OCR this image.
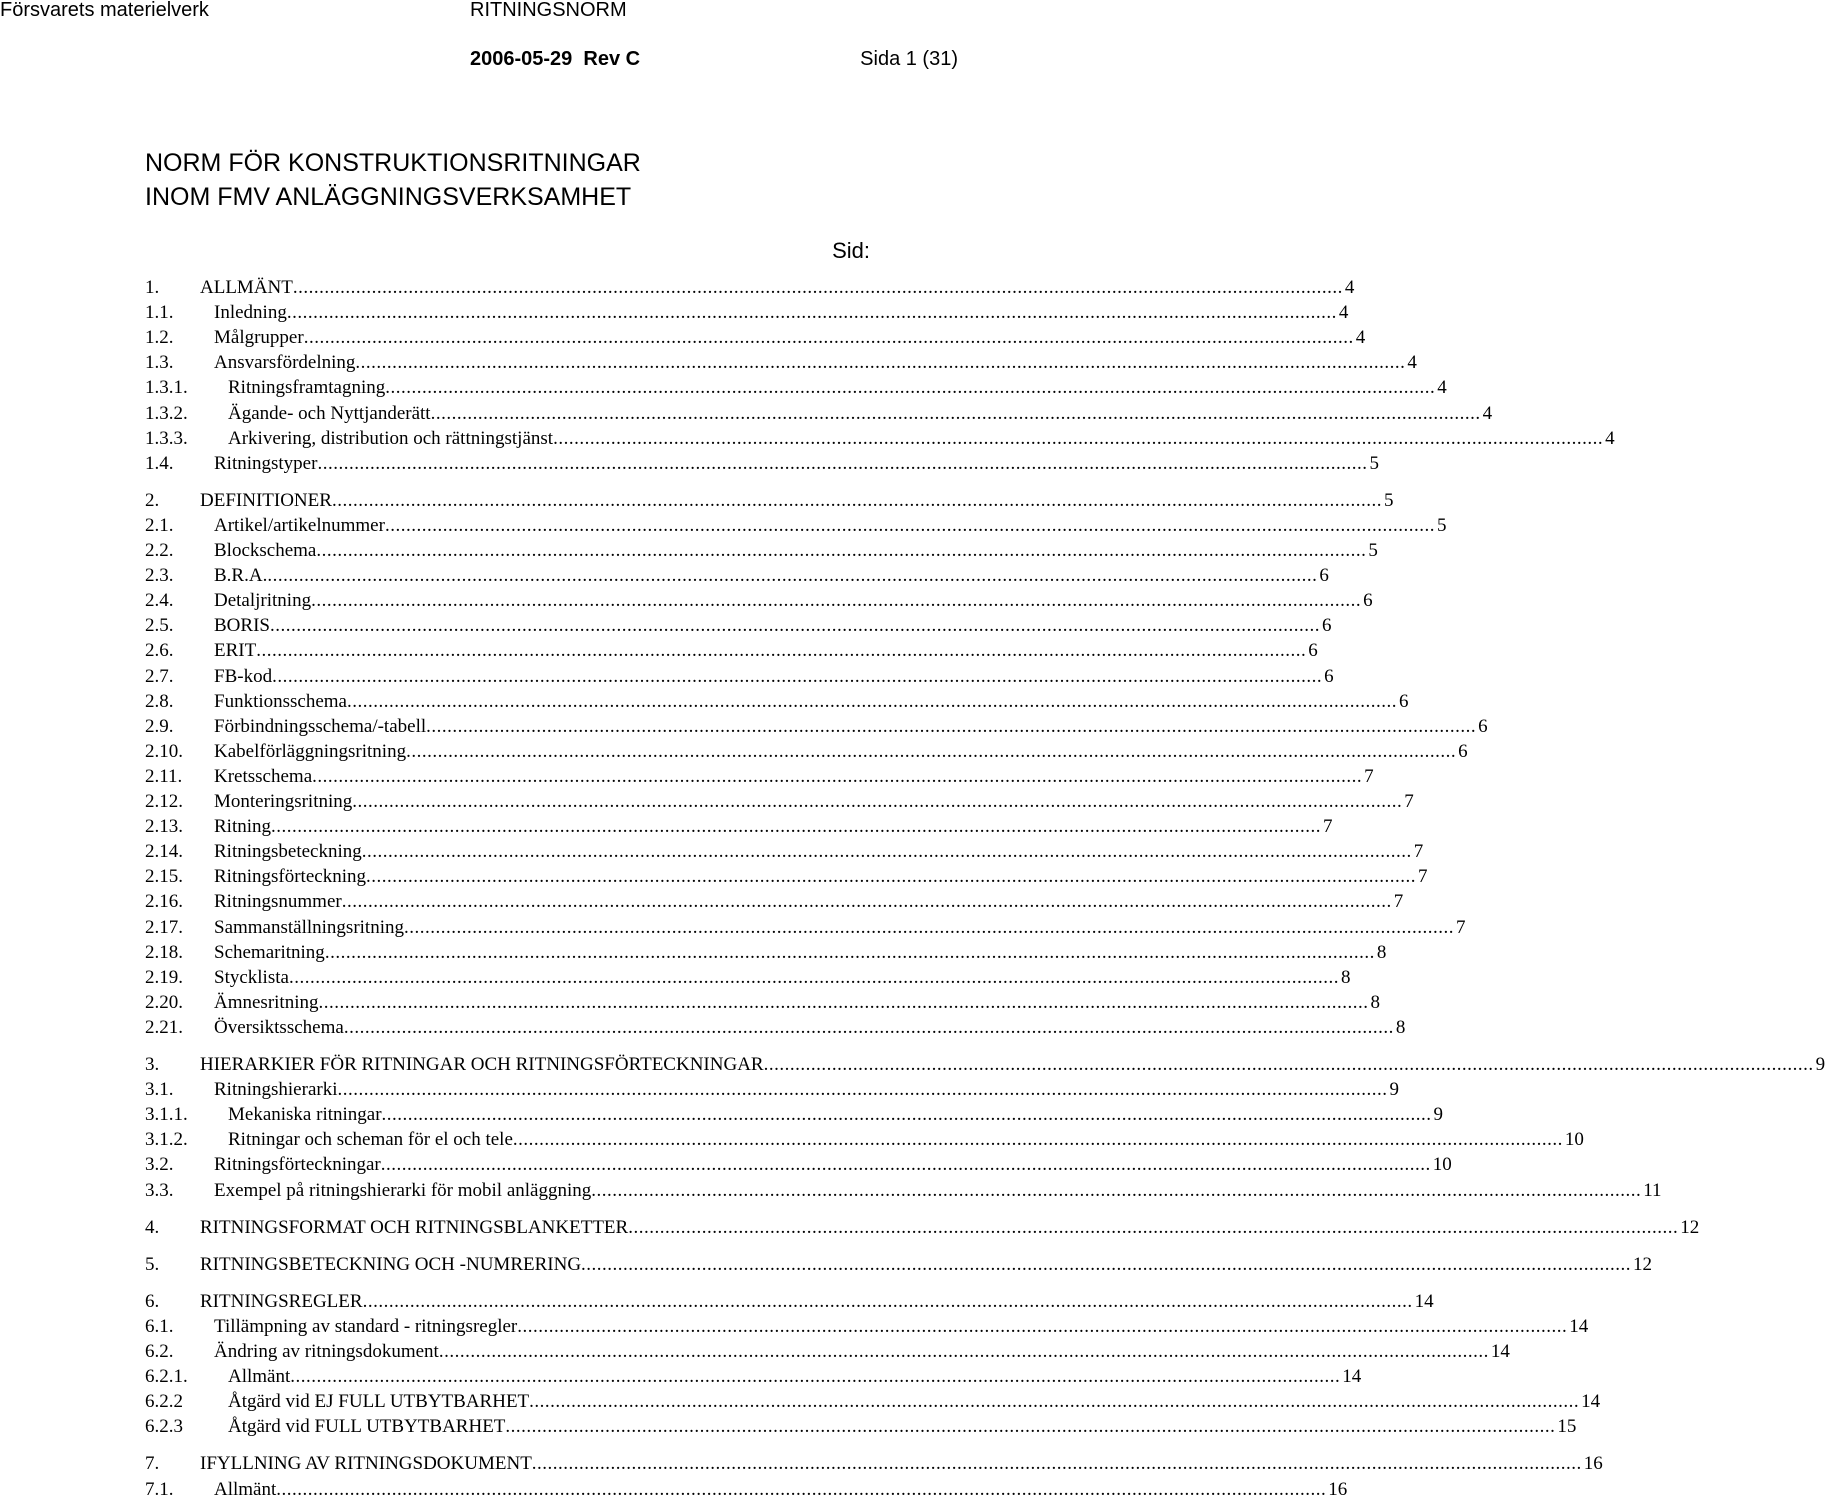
Försvarets materielverk	RITNINGSNORM
2006-05-29  Rev C	Sida 1 (31)
NORM FÖR KONSTRUKTIONSRITNINGAR
INOM FMV ANLÄGGNINGSVERKSAMHET
Sid:
1. ALLMÄNT ........................................................................................................................................................................................................ 4
1.1. Inledning ........................................................................................................................................................................................................ 4
1.2. Målgrupper ........................................................................................................................................................................................................ 4
1.3. Ansvarsfördelning ........................................................................................................................................................................................................ 4
1.3.1. Ritningsframtagning ........................................................................................................................................................................................................ 4
1.3.2. Ägande- och Nyttjanderätt ........................................................................................................................................................................................................ 4
1.3.3. Arkivering, distribution och rättningstjänst ........................................................................................................................................................................................................ 4
1.4. Ritningstyper ........................................................................................................................................................................................................ 5
2. DEFINITIONER ........................................................................................................................................................................................................ 5
2.1. Artikel/artikelnummer ........................................................................................................................................................................................................ 5
2.2. Blockschema ........................................................................................................................................................................................................ 5
2.3. B.R.A. ........................................................................................................................................................................................................ 6
2.4. Detaljritning ........................................................................................................................................................................................................ 6
2.5. BORIS ........................................................................................................................................................................................................ 6
2.6. ERIT ........................................................................................................................................................................................................ 6
2.7. FB-kod ........................................................................................................................................................................................................ 6
2.8. Funktionsschema ........................................................................................................................................................................................................ 6
2.9. Förbindningsschema/-tabell ........................................................................................................................................................................................................ 6
2.10. Kabelförläggningsritning ........................................................................................................................................................................................................ 6
2.11. Kretsschema ........................................................................................................................................................................................................ 7
2.12. Monteringsritning ........................................................................................................................................................................................................ 7
2.13. Ritning ........................................................................................................................................................................................................ 7
2.14. Ritningsbeteckning ........................................................................................................................................................................................................ 7
2.15. Ritningsförteckning ........................................................................................................................................................................................................ 7
2.16. Ritningsnummer ........................................................................................................................................................................................................ 7
2.17. Sammanställningsritning ........................................................................................................................................................................................................ 7
2.18. Schemaritning ........................................................................................................................................................................................................ 8
2.19. Stycklista ........................................................................................................................................................................................................ 8
2.20. Ämnesritning ........................................................................................................................................................................................................ 8
2.21. Översiktsschema ........................................................................................................................................................................................................ 8
3. HIERARKIER FÖR RITNINGAR OCH RITNINGSFÖRTECKNINGAR ........................................................................................................................................................................................................ 9
3.1. Ritningshierarki ........................................................................................................................................................................................................ 9
3.1.1. Mekaniska ritningar ........................................................................................................................................................................................................ 9
3.1.2. Ritningar och scheman för el och tele ........................................................................................................................................................................................................ 10
3.2. Ritningsförteckningar ........................................................................................................................................................................................................ 10
3.3. Exempel på ritningshierarki för mobil anläggning ........................................................................................................................................................................................................ 11
4. RITNINGSFORMAT OCH RITNINGSBLANKETTER ........................................................................................................................................................................................................ 12
5. RITNINGSBETECKNING OCH -NUMRERING ........................................................................................................................................................................................................ 12
6. RITNINGSREGLER ........................................................................................................................................................................................................ 14
6.1. Tillämpning av standard - ritningsregler ........................................................................................................................................................................................................ 14
6.2. Ändring av ritningsdokument ........................................................................................................................................................................................................ 14
6.2.1. Allmänt ........................................................................................................................................................................................................ 14
6.2.2 Åtgärd vid EJ FULL UTBYTBARHET ........................................................................................................................................................................................................ 14
6.2.3 Åtgärd vid FULL UTBYTBARHET ........................................................................................................................................................................................................ 15
7. IFYLLNING AV RITNINGSDOKUMENT ........................................................................................................................................................................................................ 16
7.1. Allmänt ........................................................................................................................................................................................................ 16
